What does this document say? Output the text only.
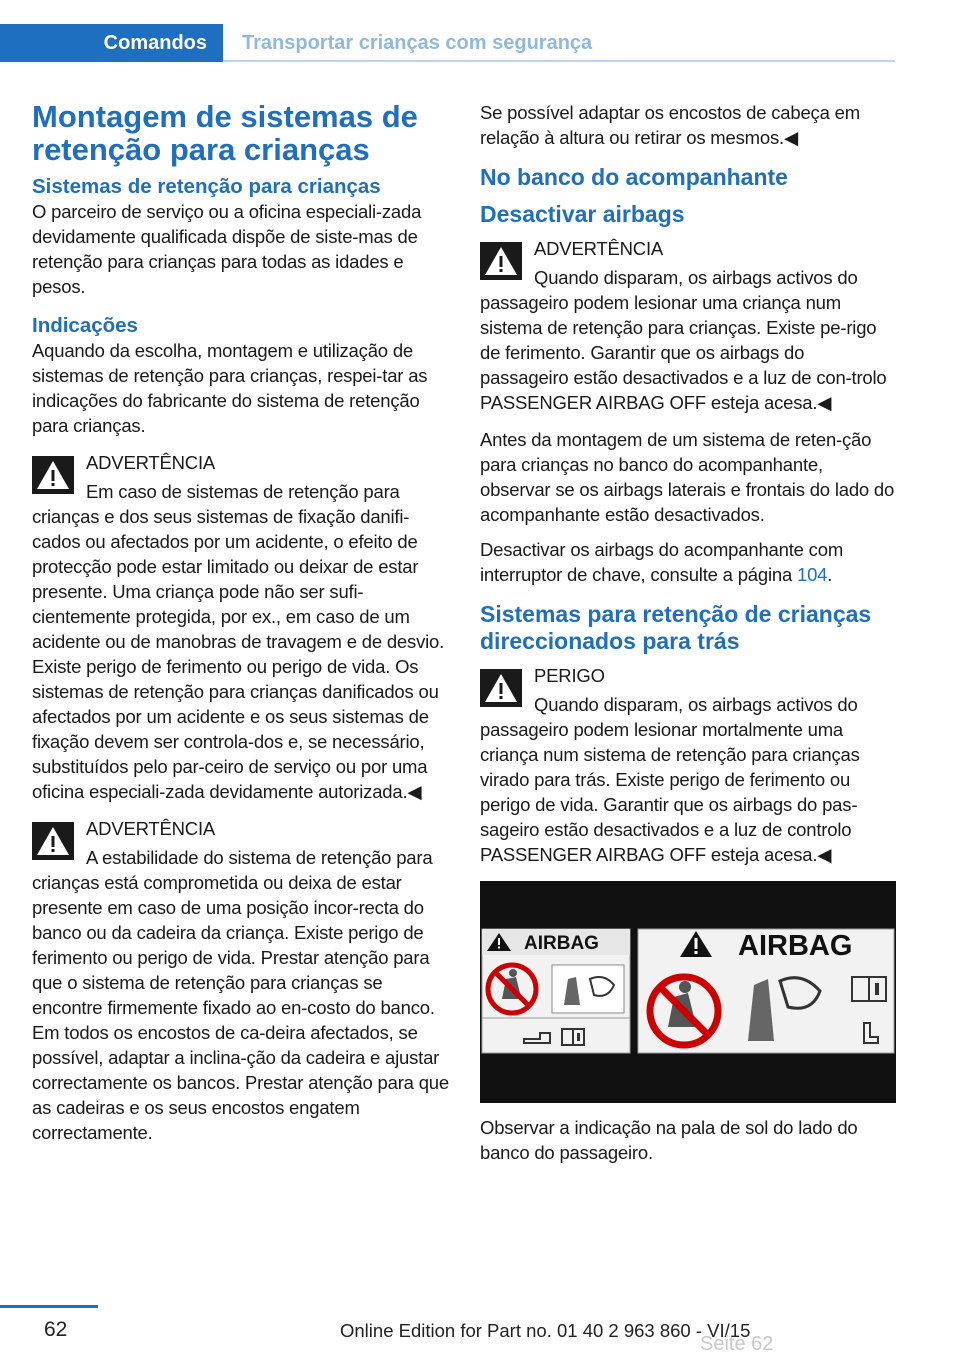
Comandos	Transportar crianças com segurança
Montagem de sistemas de retenção para crianças
Sistemas de retenção para crianças

O parceiro de serviço ou a oficina especiali-zada devidamente qualificada dispõe de siste-mas de retenção para crianças para todas as idades e pesos.

Indicações

Aquando da escolha, montagem e utilização de sistemas de retenção para crianças, respei-tar as indicações do fabricante do sistema de retenção para crianças.

ADVERTÊNCIA

Em caso de sistemas de retenção para crianças e dos seus sistemas de fixação danifi-cados ou afectados por um acidente, o efeito de protecção pode estar limitado ou deixar de estar presente. Uma criança pode não ser sufi-cientemente protegida, por ex., em caso de um acidente ou de manobras de travagem e de desvio. Existe perigo de ferimento ou perigo de vida. Os sistemas de retenção para crianças danificados ou afectados por um acidente e os seus sistemas de fixação devem ser controla-dos e, se necessário, substituídos pelo par-ceiro de serviço ou por uma oficina especiali-zada devidamente autorizada.◀

ADVERTÊNCIA

A estabilidade do sistema de retenção para crianças está comprometida ou deixa de estar presente em caso de uma posição incor-recta do banco ou da cadeira da criança. Existe perigo de ferimento ou perigo de vida. Prestar atenção para que o sistema de retenção para crianças se encontre firmemente fixado ao en-costo do banco. Em todos os encostos de ca-deira afectados, se possível, adaptar a inclina-ção da cadeira e ajustar correctamente os bancos. Prestar atenção para que as cadeiras e os seus encostos engatem correctamente.

Se possível adaptar os encostos de cabeça em relação à altura ou retirar os mesmos.◀

No banco do acompanhante
Desactivar airbags

ADVERTÊNCIA

Quando disparam, os airbags activos do passageiro podem lesionar uma criança num sistema de retenção para crianças. Existe pe-rigo de ferimento. Garantir que os airbags do passageiro estão desactivados e a luz de con-trolo PASSENGER AIRBAG OFF esteja acesa.◀

Antes da montagem de um sistema de reten-ção para crianças no banco do acompanhante, observar se os airbags laterais e frontais do lado do acompanhante estão desactivados.

Desactivar os airbags do acompanhante com interruptor de chave, consulte a página 104.

Sistemas para retenção de crianças direccionados para trás

PERIGO

Quando disparam, os airbags activos do passageiro podem lesionar mortalmente uma criança num sistema de retenção para crianças virado para trás. Existe perigo de ferimento ou perigo de vida. Garantir que os airbags do pas-sageiro estão desactivados e a luz de controlo PASSENGER AIRBAG OFF esteja acesa.◀

AIRBAG	AIRBAG

Observar a indicação na pala de sol do lado do banco do passageiro.

62	Online Edition for Part no. 01 40 2 963 860 - VI/15
Seite 62
